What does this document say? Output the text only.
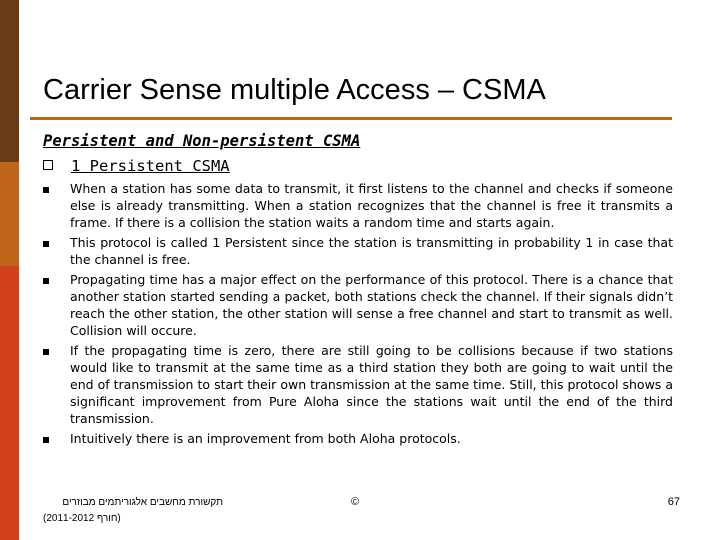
Carrier Sense multiple Access – CSMA
Persistent and Non-persistent CSMA
1 Persistent CSMA
When a station has some data to transmit, it first listens to the channel and checks if someone else is already transmitting. When a station recognizes that the channel is free it transmits a frame. If there is a collision the station waits a random time and starts again.
This protocol is called 1 Persistent since the station is transmitting in probability 1 in case that the channel is free.
Propagating time has a major effect on the performance of this protocol. There is a chance that another station started sending a packet, both stations check the channel. If their signals didn’t reach the other station, the other station will sense a free channel and start to transmit as well. Collision will occure.
If the propagating time is zero, there are still going to be collisions because if two stations would like to transmit at the same time as a third station they both are going to wait until the end of transmission to start their own transmission at the same time. Still, this protocol shows a significant improvement from Pure Aloha since the stations wait until the end of the third transmission.
Intuitively there is an improvement from both Aloha protocols.
תקשורת מחשבים אלגוריתמים מבוזרים
(חורף 2011-2012)
©	67
